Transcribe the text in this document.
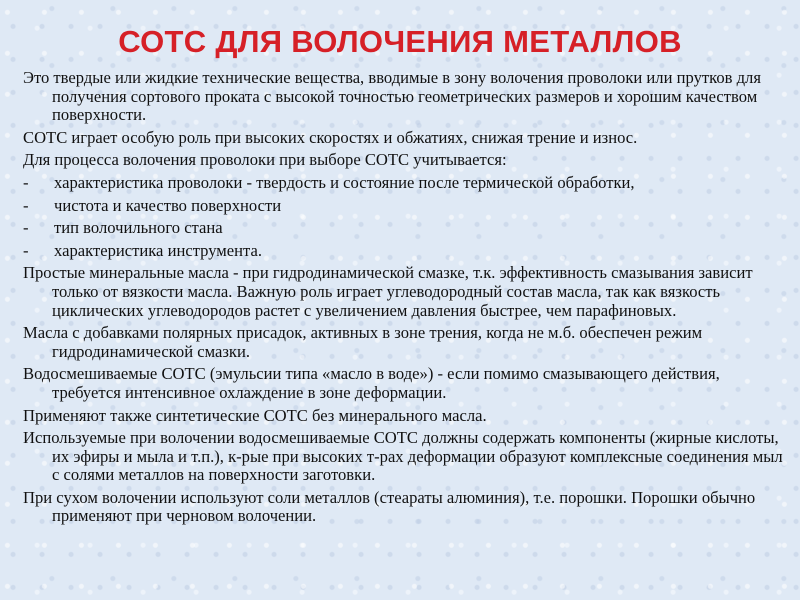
СОТС ДЛЯ ВОЛОЧЕНИЯ МЕТАЛЛОВ

Это твердые или жидкие технические вещества, вводимые в зону волочения проволоки или прутков для получения сортового проката с высокой точностью геометрических размеров и хорошим качеством поверхности.

СОТС играет особую роль при высоких скоростях и обжатиях, снижая трение и износ.

Для процесса волочения проволоки при выборе СОТС учитывается:

- характеристика проволоки - твердость и состояние после термической обработки,
- чистота и качество поверхности
- тип волочильного стана
- характеристика инструмента.

Простые минеральные масла - при гидродинамической смазке, т.к. эффективность смазывания зависит только от вязкости масла. Важную роль играет углеводородный состав масла, так как вязкость циклических углеводородов растет с увеличением давления быстрее, чем парафиновых.

Масла с добавками полярных присадок, активных в зоне трения, когда не м.б. обеспечен режим гидродинамической смазки.

Водосмешиваемые СОТС (эмульсии типа «масло в воде») - если помимо смазывающего действия, требуется интенсивное охлаждение в зоне деформации.

Применяют также синтетические СОТС без минерального масла.

Используемые при волочении водосмешиваемые СОТС должны содержать компоненты (жирные кислоты, их эфиры и мыла и т.п.), к-рые при высоких т-рах деформации образуют комплексные соединения мыл с солями металлов на поверхности заготовки.

При сухом волочении используют соли металлов (стеараты алюминия), т.е. порошки. Порошки обычно применяют при черновом волочении.
